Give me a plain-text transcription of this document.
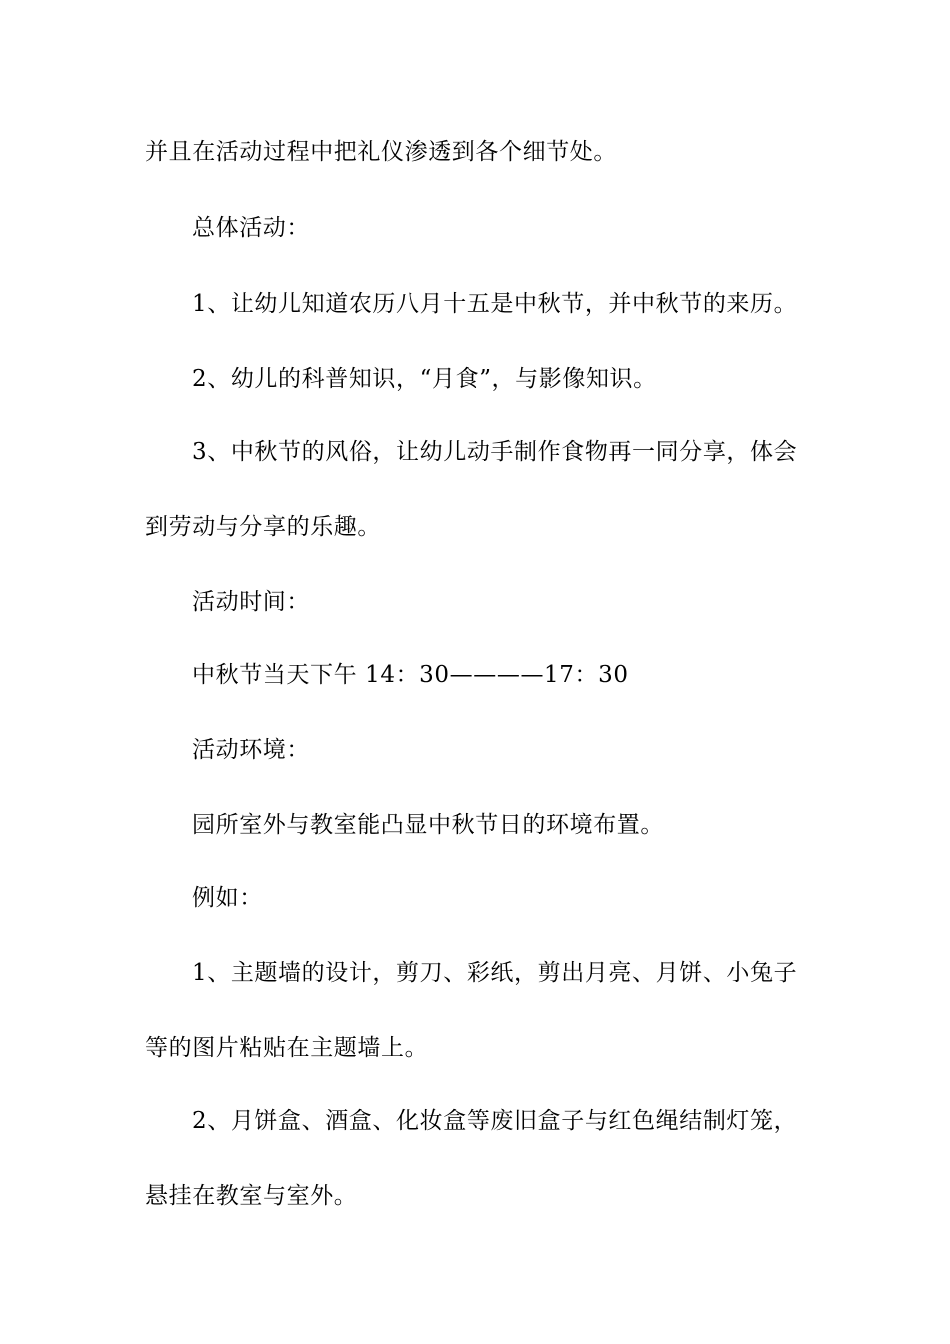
并且在活动过程中把礼仪渗透到各个细节处。
总体活动：
1、让幼儿知道农历八月十五是中秋节，并中秋节的来历。
2、幼儿的科普知识，“月食”，与影像知识。
3、中秋节的风俗，让幼儿动手制作食物再一同分享，体会
到劳动与分享的乐趣。
活动时间：
中秋节当天下午 14：30————17：30
活动环境：
园所室外与教室能凸显中秋节日的环境布置。
例如：
1、主题墙的设计，剪刀、彩纸，剪出月亮、月饼、小兔子
等的图片粘贴在主题墙上。
2、月饼盒、酒盒、化妆盒等废旧盒子与红色绳结制灯笼，
悬挂在教室与室外。
